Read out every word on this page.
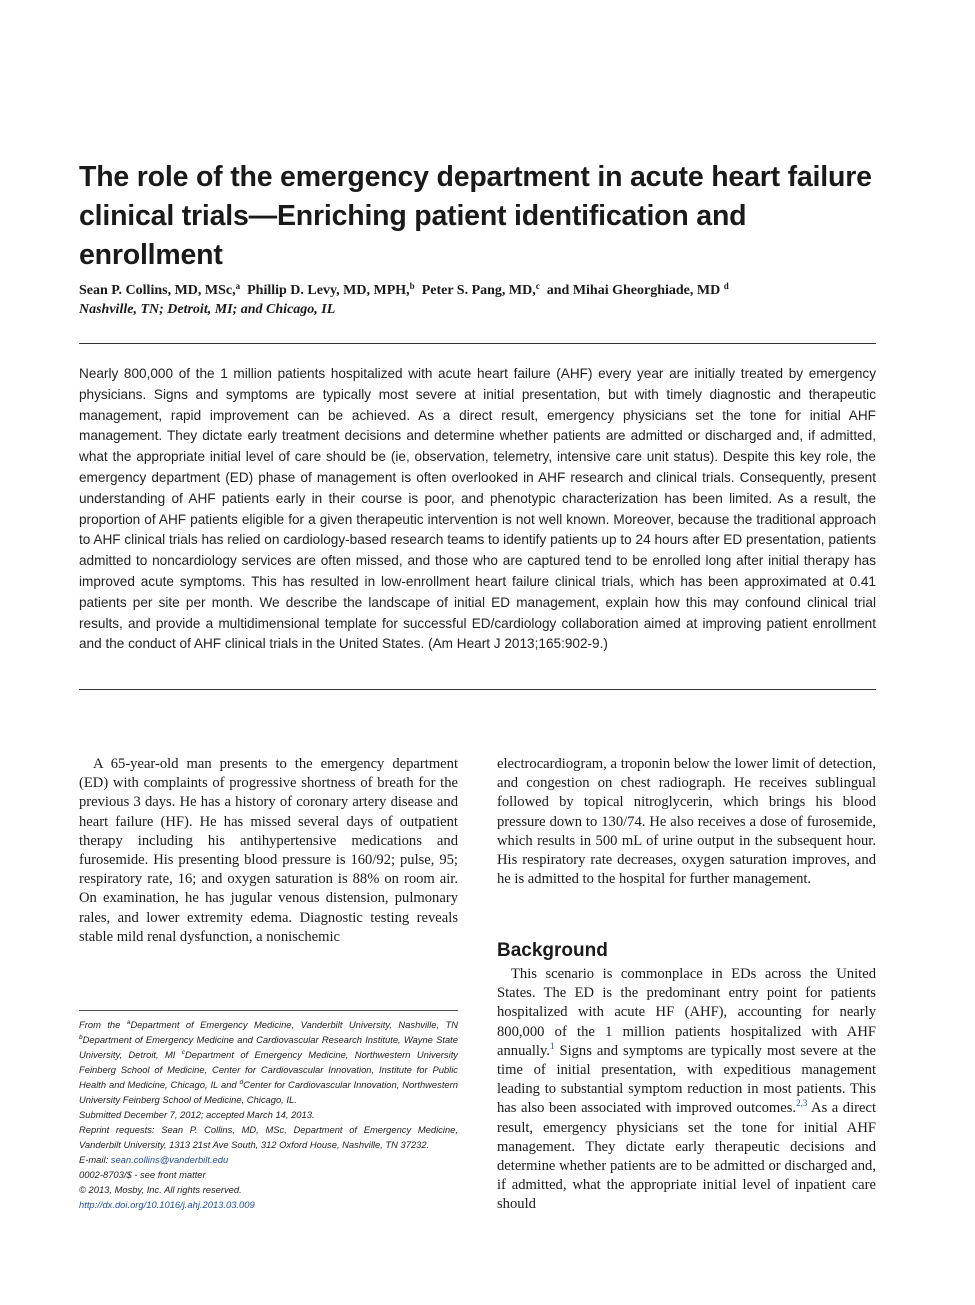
The role of the emergency department in acute heart failure clinical trials—Enriching patient identification and enrollment
Sean P. Collins, MD, MSc,$^a$ Phillip D. Levy, MD, MPH,$^b$ Peter S. Pang, MD,$^c$ and Mihai Gheorghiade, MD $^d$
Nashville, TN; Detroit, MI; and Chicago, IL

Nearly 800,000 of the 1 million patients hospitalized with acute heart failure (AHF) every year are initially treated by emergency physicians. Signs and symptoms are typically most severe at initial presentation, but with timely diagnostic and therapeutic management, rapid improvement can be achieved. As a direct result, emergency physicians set the tone for initial AHF management. They dictate early treatment decisions and determine whether patients are admitted or discharged and, if admitted, what the appropriate initial level of care should be (ie, observation, telemetry, intensive care unit status). Despite this key role, the emergency department (ED) phase of management is often overlooked in AHF research and clinical trials. Consequently, present understanding of AHF patients early in their course is poor, and phenotypic characterization has been limited. As a result, the proportion of AHF patients eligible for a given therapeutic intervention is not well known. Moreover, because the traditional approach to AHF clinical trials has relied on cardiology-based research teams to identify patients up to 24 hours after ED presentation, patients admitted to noncardiology services are often missed, and those who are captured tend to be enrolled long after initial therapy has improved acute symptoms. This has resulted in low-enrollment heart failure clinical trials, which has been approximated at 0.41 patients per site per month. We describe the landscape of initial ED management, explain how this may confound clinical trial results, and provide a multidimensional template for successful ED/cardiology collaboration aimed at improving patient enrollment and the conduct of AHF clinical trials in the United States. (Am Heart J 2013;165:902-9.)

A 65-year-old man presents to the emergency department (ED) with complaints of progressive shortness of breath for the previous 3 days. He has a history of coronary artery disease and heart failure (HF). He has missed several days of outpatient therapy including his antihypertensive medications and furosemide. His presenting blood pressure is 160/92; pulse, 95; respiratory rate, 16; and oxygen saturation is 88% on room air. On examination, he has jugular venous distension, pulmonary rales, and lower extremity edema. Diagnostic testing reveals stable mild renal dysfunction, a nonischemic

electrocardiogram, a troponin below the lower limit of detection, and congestion on chest radiograph. He receives sublingual followed by topical nitroglycerin, which brings his blood pressure down to 130/74. He also receives a dose of furosemide, which results in 500 mL of urine output in the subsequent hour. His respiratory rate decreases, oxygen saturation improves, and he is admitted to the hospital for further management.

Background

This scenario is commonplace in EDs across the United States. The ED is the predominant entry point for patients hospitalized with acute HF (AHF), accounting for nearly 800,000 of the 1 million patients hospitalized with AHF annually.$^1$ Signs and symptoms are typically most severe at the time of initial presentation, with expeditious management leading to substantial symptom reduction in most patients. This has also been associated with improved outcomes.$^{2,3}$ As a direct result, emergency physicians set the tone for initial AHF management. They dictate early therapeutic decisions and determine whether patients are to be admitted or discharged and, if admitted, what the appropriate initial level of inpatient care should

From the $^a$Department of Emergency Medicine, Vanderbilt University, Nashville, TN $^b$Department of Emergency Medicine and Cardiovascular Research Institute, Wayne State University, Detroit, MI $^c$Department of Emergency Medicine, Northwestern University Feinberg School of Medicine, Center for Cardiovascular Innovation, Institute for Public Health and Medicine, Chicago, IL and $^d$Center for Cardiovascular Innovation, Northwestern University Feinberg School of Medicine, Chicago, IL.

Submitted December 7, 2012; accepted March 14, 2013.

Reprint requests: Sean P. Collins, MD, MSc, Department of Emergency Medicine, Vanderbilt University, 1313 21st Ave South, 312 Oxford House, Nashville, TN 37232.

E-mail: sean.collins@vanderbilt.edu

0002-8703/$ - see front matter

© 2013, Mosby, Inc. All rights reserved.

http://dx.doi.org/10.1016/j.ahj.2013.03.009
